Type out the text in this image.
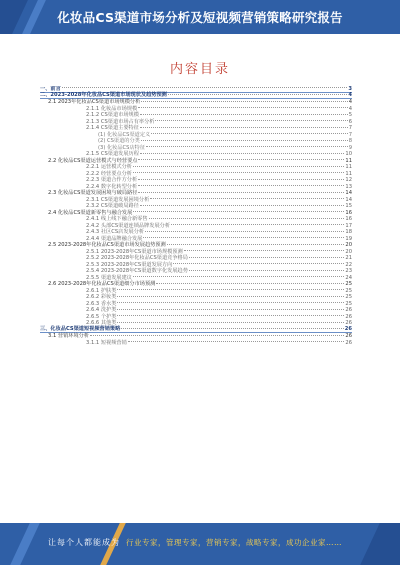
化妆品CS渠道市场分析及短视频营销策略研究报告
内容目录
一、前言	3
二、2023-2028年化妆品CS渠道市场现状及趋势预测	4
2.1 2023年化妆品CS渠道市场规模分析	4
2.1.1 化妆品市场规模	4
2.1.2 CS渠道市场规模	5
2.1.3 CS渠道市场占有率分析	6
2.1.4 CS渠道主要特征	7
(1) 化妆品CS渠道定义	7
(2) CS渠道的分类	8
(3) 化妆品CS店特征	9
2.1.5 CS渠道发展历程	10
2.2 化妆品CS渠道运营模式与经营要点	11
2.2.1 运营模式分析	11
2.2.2 经营要点分析	11
2.2.3 渠道合作方分析	12
2.2.4 数字化转型分析	13
2.3 化妆品CS渠道发展困境与破局路径	14
2.3.1 CS渠道发展困境分析	14
2.3.2 CS渠道破局路径	15
2.4 化妆品CS渠道新零售与融合发展	16
2.4.1 线上线下融合新零售	16
2.4.2 头部CS渠道连锁品牌发展分析	17
2.4.3 社区CS店发展分析	18
2.4.4 渠道品牌融合发展	19
2.5 2023-2028年化妆品CS渠道市场发展趋势预测	20
2.5.1 2023-2028年CS渠道市场规模预测	20
2.5.2 2023-2028年化妆品CS渠道竞争格局	21
2.5.3 2023-2028年CS渠道发展方向	22
2.5.4 2023-2028年CS渠道数字化发展趋势	23
2.5.5 渠道发展建议	24
2.6 2023-2028年化妆品CS渠道细分市场预测	25
2.6.1 护肤类	25
2.6.2 彩妆类	25
2.6.3 香水类	25
2.6.4 洗护类	26
2.6.5 个护类	26
2.6.6 其他类	26
三、化妆品CS渠道短视频营销策略	26
3.1 营销环境分析	26
3.1.1 短视频营销	26
让每个人都能成为 行业专家，管理专家，营销专家，战略专家，成功企业家……
